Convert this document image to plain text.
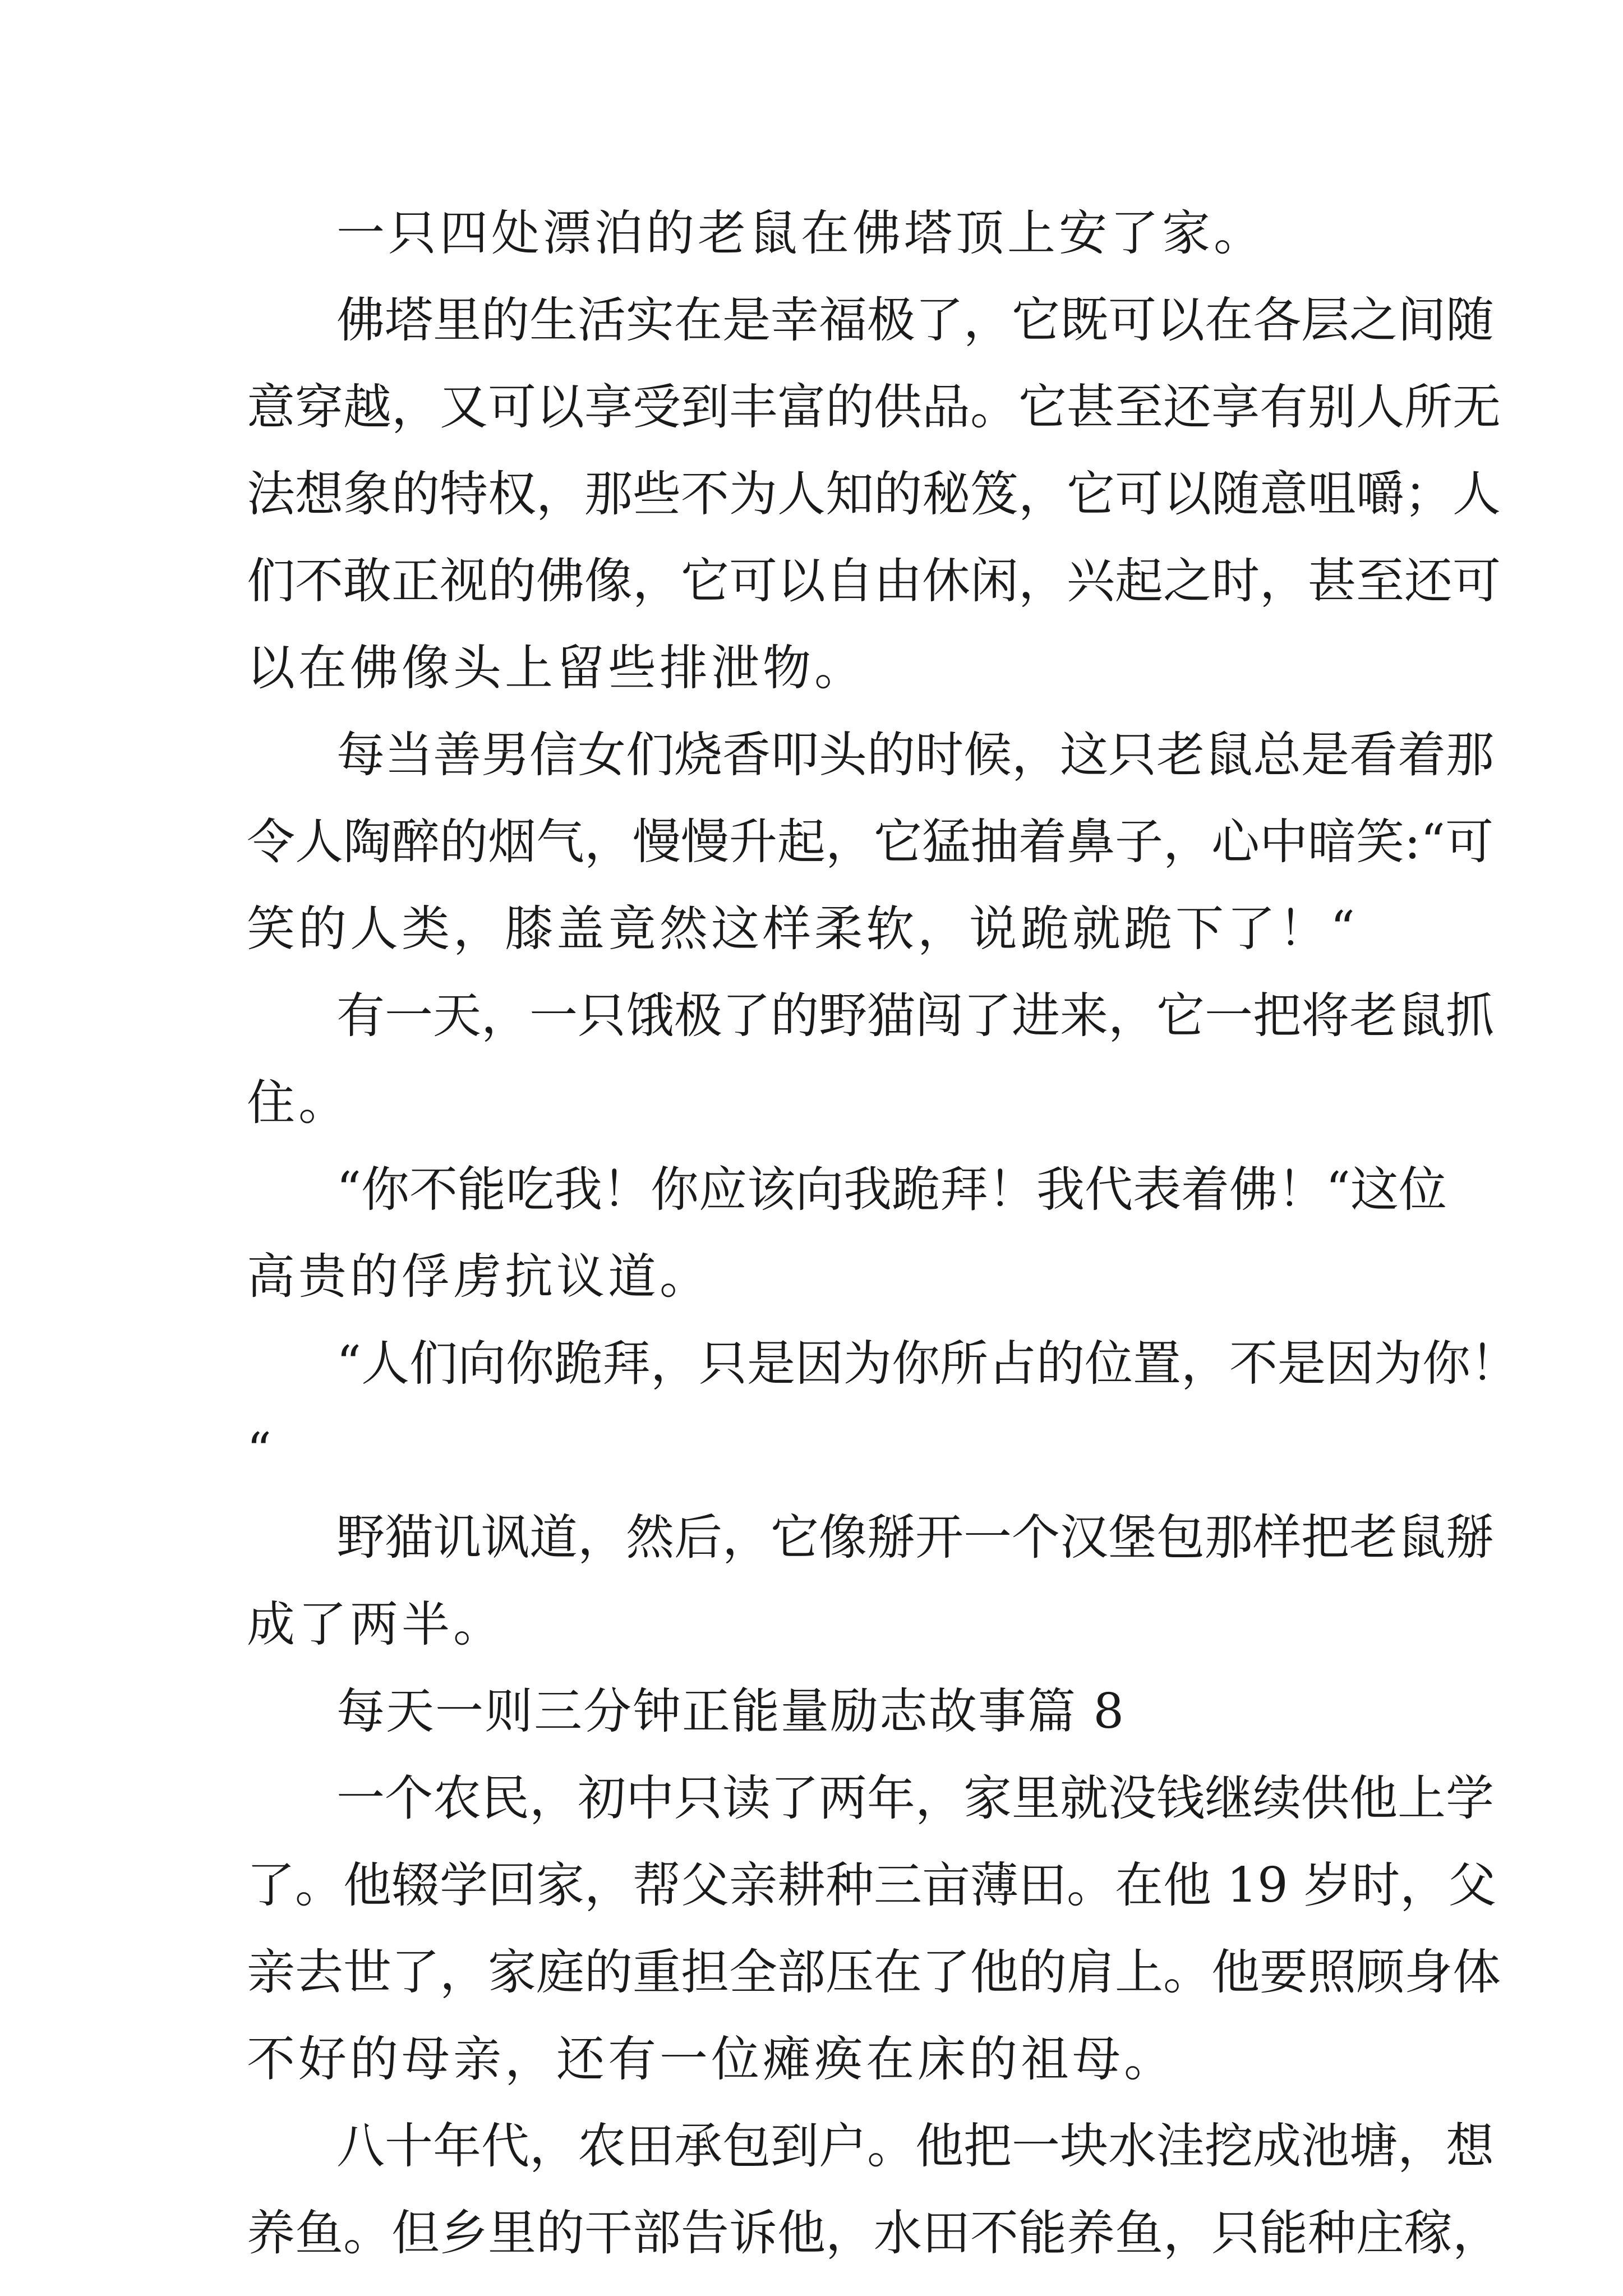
一只四处漂泊的老鼠在佛塔顶上安了家。
佛塔里的生活实在是幸福极了，它既可以在各层之间随
意穿越，又可以享受到丰富的供品。它甚至还享有别人所无
法想象的特权，那些不为人知的秘笈，它可以随意咀嚼；人
们不敢正视的佛像，它可以自由休闲，兴起之时，甚至还可
以在佛像头上留些排泄物。
每当善男信女们烧香叩头的时候，这只老鼠总是看着那
令人陶醉的烟气，慢慢升起，它猛抽着鼻子，心中暗笑:“可
笑的人类，膝盖竟然这样柔软，说跪就跪下了！“
有一天，一只饿极了的野猫闯了进来，它一把将老鼠抓
住。
“你不能吃我！你应该向我跪拜！我代表着佛！“这位
高贵的俘虏抗议道。
“人们向你跪拜，只是因为你所占的位置，不是因为你！
“
野猫讥讽道，然后，它像掰开一个汉堡包那样把老鼠掰
成了两半。
每天一则三分钟正能量励志故事篇 8
一个农民，初中只读了两年，家里就没钱继续供他上学
了。他辍学回家，帮父亲耕种三亩薄田。在他 19 岁时，父
亲去世了，家庭的重担全部压在了他的肩上。他要照顾身体
不好的母亲，还有一位瘫痪在床的祖母。
八十年代，农田承包到户。他把一块水洼挖成池塘，想
养鱼。但乡里的干部告诉他，水田不能养鱼，只能种庄稼，
